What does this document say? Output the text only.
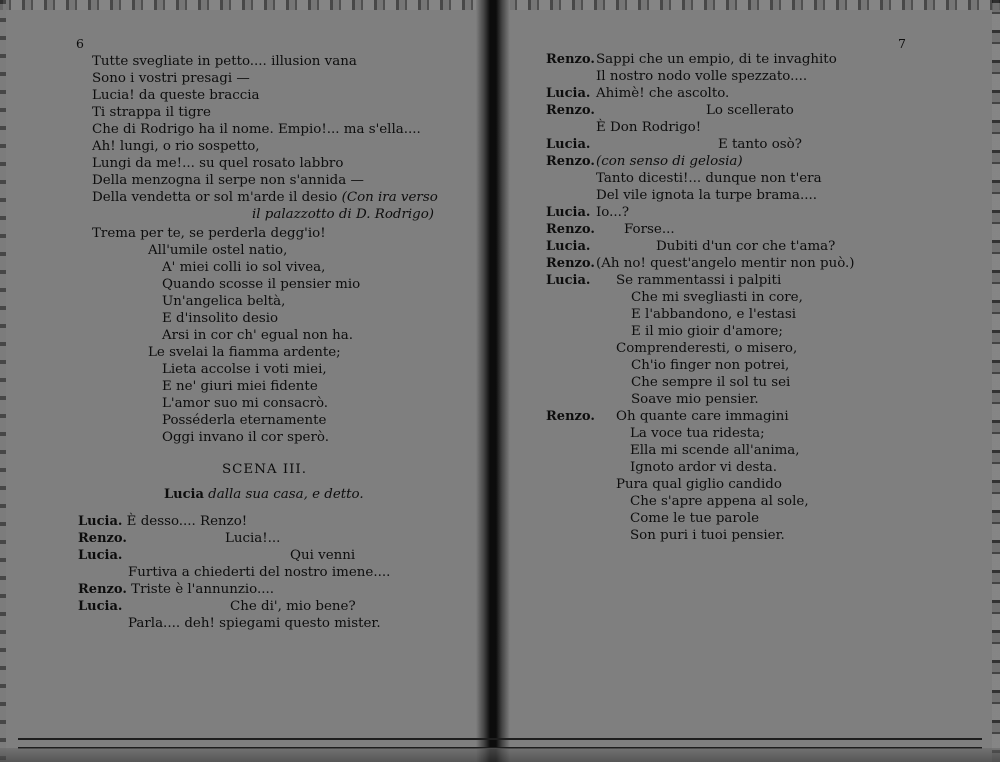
6
Tutte svegliate in petto.... illusion vana
Sono i vostri presagi —
Lucia! da queste braccia
Ti strappa il tigre
Che di Rodrigo ha il nome. Empio!... ma s'ella....
Ah! lungi, o rio sospetto,
Lungi da me!... su quel rosato labbro
Della menzogna il serpe non s'annida —
Della vendetta or sol m'arde il desio (Con ira verso
il palazzotto di D. Rodrigo)
Trema per te, se perderla degg'io!
All'umile ostel natio,
A' miei colli io sol vivea,
Quando scosse il pensier mio
Un'angelica beltà,
E d'insolito desio
Arsi in cor ch' egual non ha.
Le svelai la fiamma ardente;
Lieta accolse i voti miei,
E ne' giuri miei fidente
L'amor suo mi consacrò.
Posséderla eternamente
Oggi invano il cor sperò.
SCENA III.
Lucia dalla sua casa, e detto.
Lucia. È desso.... Renzo!
Renzo.	Lucia!...
Lucia.	Qui venni
Furtiva a chiederti del nostro imene....
Renzo. Triste è l'annunzio....
Lucia.	Che di', mio bene?
Parla.... deh! spiegami questo mister.
7
Renzo. Sappi che un empio, di te invaghito
Il nostro nodo volle spezzato....
Lucia. Ahimè! che ascolto.
Renzo.	Lo scellerato
È Don Rodrigo!
Lucia.	E tanto osò?
Renzo. (con senso di gelosia)
Tanto dicesti!... dunque non t'era
Del vile ignota la turpe brama....
Lucia. Io...?
Renzo. Forse...
Lucia.	Dubiti d'un cor che t'ama?
Renzo. (Ah no! quest'angelo mentir non può.)
Lucia. Se rammentassi i palpiti
Che mi svegliasti in core,
E l'abbandono, e l'estasi
E il mio gioir d'amore;
Comprenderesti, o misero,
Ch'io finger non potrei,
Che sempre il sol tu sei
Soave mio pensier.
Renzo. Oh quante care immagini
La voce tua ridesta;
Ella mi scende all'anima,
Ignoto ardor vi desta.
Pura qual giglio candido
Che s'apre appena al sole,
Come le tue parole
Son puri i tuoi pensier.
